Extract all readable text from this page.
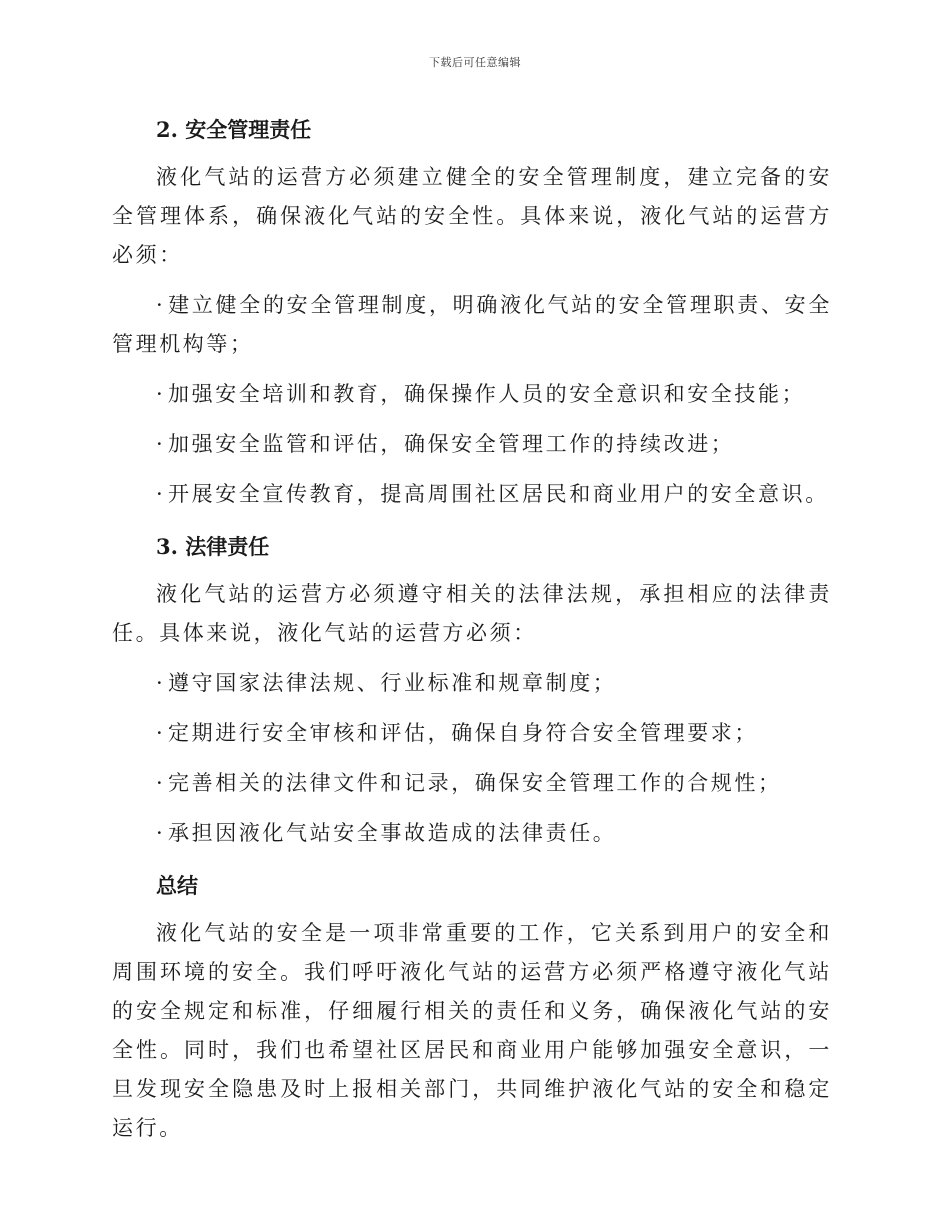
下载后可任意编辑
2. 安全管理责任

液化气站的运营方必须建立健全的安全管理制度，建立完备的安全管理体系，确保液化气站的安全性。具体来说，液化气站的运营方必须：

· 建立健全的安全管理制度，明确液化气站的安全管理职责、安全管理机构等；

· 加强安全培训和教育，确保操作人员的安全意识和安全技能；

· 加强安全监管和评估，确保安全管理工作的持续改进；

· 开展安全宣传教育，提高周围社区居民和商业用户的安全意识。

3. 法律责任

液化气站的运营方必须遵守相关的法律法规，承担相应的法律责任。具体来说，液化气站的运营方必须：

· 遵守国家法律法规、行业标准和规章制度；

· 定期进行安全审核和评估，确保自身符合安全管理要求；

· 完善相关的法律文件和记录，确保安全管理工作的合规性；

· 承担因液化气站安全事故造成的法律责任。

总结

液化气站的安全是一项非常重要的工作，它关系到用户的安全和周围环境的安全。我们呼吁液化气站的运营方必须严格遵守液化气站的安全规定和标准，仔细履行相关的责任和义务，确保液化气站的安全性。同时，我们也希望社区居民和商业用户能够加强安全意识，一旦发现安全隐患及时上报相关部门，共同维护液化气站的安全和稳定运行。
